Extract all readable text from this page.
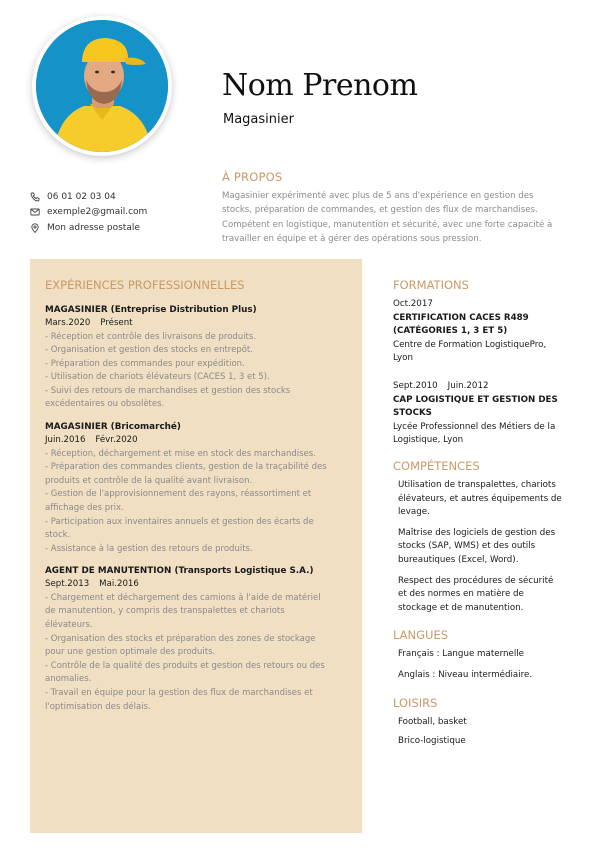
Nom Prenom
Magasinier
06 01 02 03 04
exemple2@gmail.com
Mon adresse postale
À PROPOS
Magasinier expérimenté avec plus de 5 ans d'expérience en gestion des
stocks, préparation de commandes, et gestion des flux de marchandises.
Compétent en logistique, manutention et sécurité, avec une forte capacité à
travailler en équipe et à gérer des opérations sous pression.
EXPÉRIENCES PROFESSIONNELLES
MAGASINIER (Entreprise Distribution Plus)
Mars.2020 Présent
- Réception et contrôle des livraisons de produits.
- Organisation et gestion des stocks en entrepôt.
- Préparation des commandes pour expédition.
- Utilisation de chariots élévateurs (CACES 1, 3 et 5).
- Suivi des retours de marchandises et gestion des stocks
excédentaires ou obsolètes.
MAGASINIER (Bricomarché)
Juin.2016 Févr.2020
- Réception, déchargement et mise en stock des marchandises.
- Préparation des commandes clients, gestion de la traçabilité des
produits et contrôle de la qualité avant livraison.
- Gestion de l'approvisionnement des rayons, réassortiment et
affichage des prix.
- Participation aux inventaires annuels et gestion des écarts de
stock.
- Assistance à la gestion des retours de produits.
AGENT DE MANUTENTION (Transports Logistique S.A.)
Sept.2013 Mai.2016
- Chargement et déchargement des camions à l'aide de matériel
de manutention, y compris des transpalettes et chariots
élévateurs.
- Organisation des stocks et préparation des zones de stockage
pour une gestion optimale des produits.
- Contrôle de la qualité des produits et gestion des retours ou des
anomalies.
- Travail en équipe pour la gestion des flux de marchandises et
l'optimisation des délais.
FORMATIONS
Oct.2017
CERTIFICATION CACES R489
(CATÉGORIES 1, 3 ET 5)
Centre de Formation LogistiquePro,
Lyon
Sept.2010 Juin.2012
CAP LOGISTIQUE ET GESTION DES
STOCKS
Lycée Professionnel des Métiers de la
Logistique, Lyon
COMPÉTENCES
Utilisation de transpalettes, chariots
élévateurs, et autres équipements de
levage.
Maîtrise des logiciels de gestion des
stocks (SAP, WMS) et des outils
bureautiques (Excel, Word).
Respect des procédures de sécurité
et des normes en matière de
stockage et de manutention.
LANGUES
Français : Langue maternelle
Anglais : Niveau intermédiaire.
LOISIRS
Football, basket
Brico-logistique
